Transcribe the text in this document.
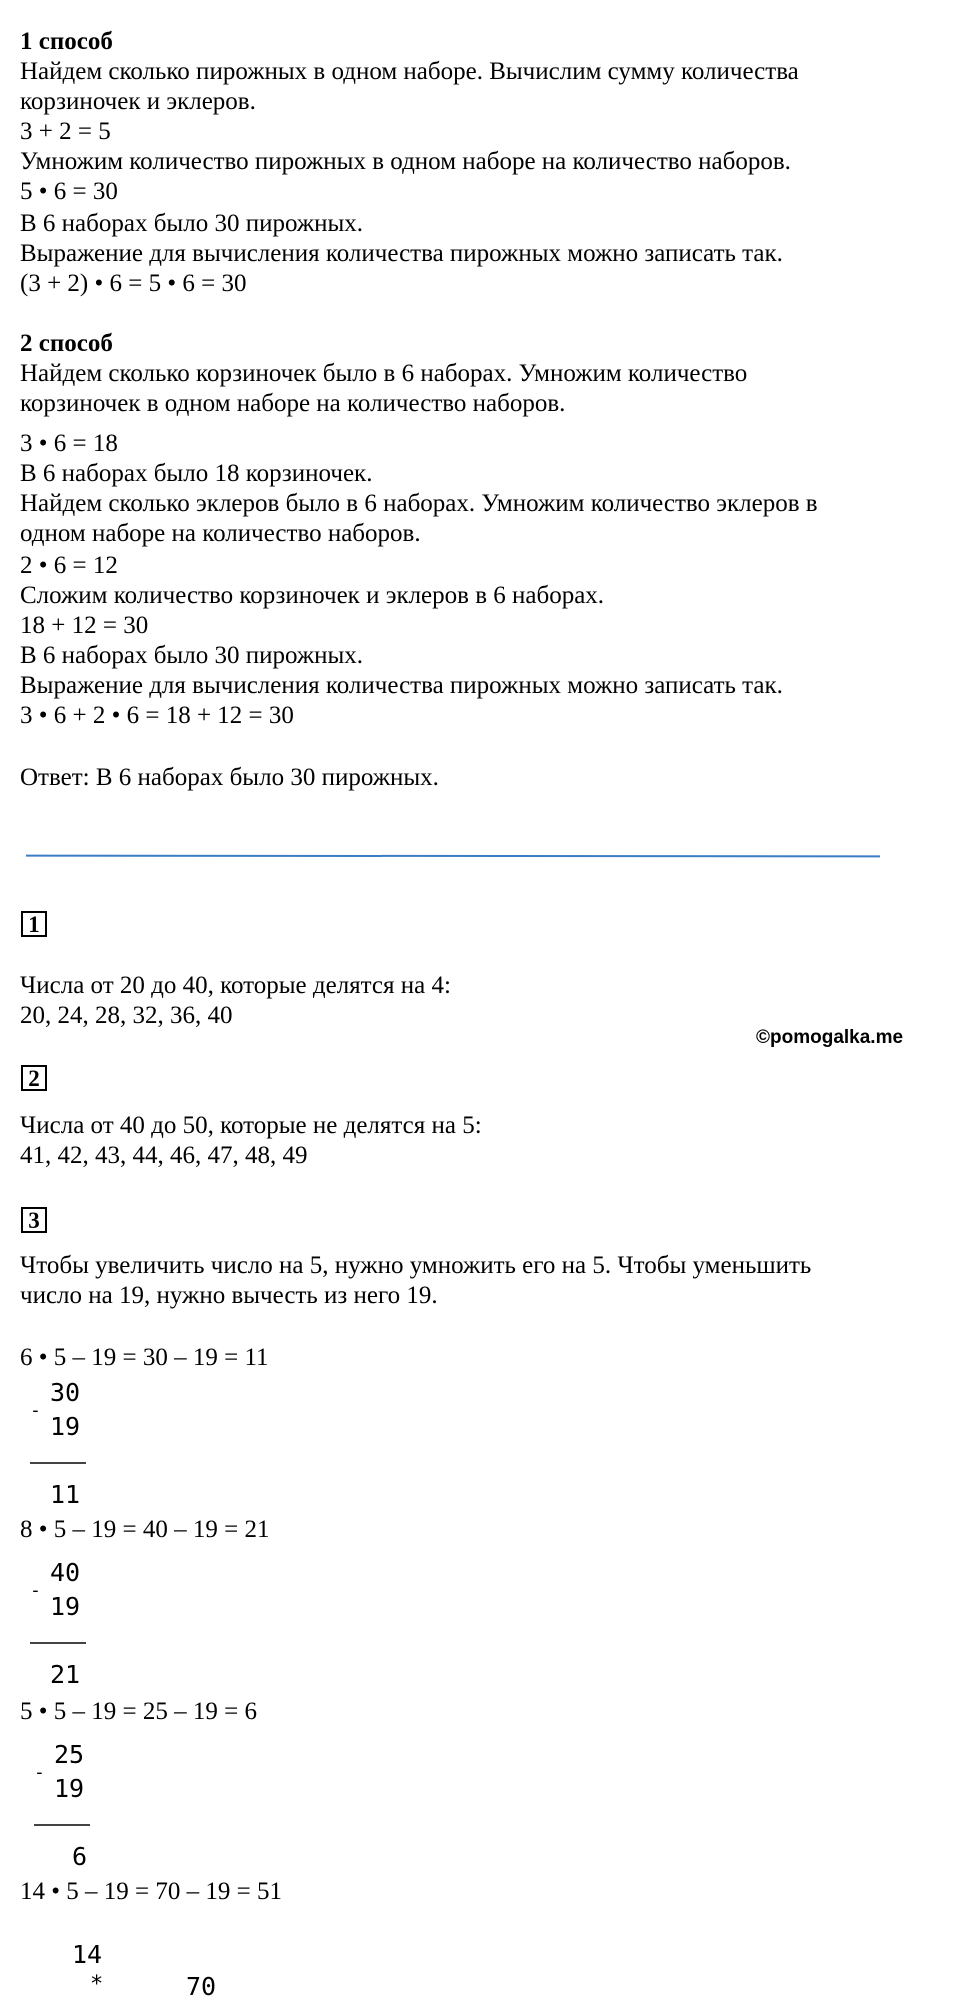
1 способ
Найдем сколько пирожных в одном наборе. Вычислим сумму количества
корзиночек и эклеров.
3 + 2 = 5
Умножим количество пирожных в одном наборе на количество наборов.
5 • 6 = 30
В 6 наборах было 30 пирожных.
Выражение для вычисления количества пирожных можно записать так.
(3 + 2) • 6 = 5 • 6 = 30
2 способ
Найдем сколько корзиночек было в 6 наборах. Умножим количество
корзиночек в одном наборе на количество наборов.
3 • 6 = 18
В 6 наборах было 18 корзиночек.
Найдем сколько эклеров было в 6 наборах. Умножим количество эклеров в
одном наборе на количество наборов.
2 • 6 = 12
Сложим количество корзиночек и эклеров в 6 наборах.
18 + 12 = 30
В 6 наборах было 30 пирожных.
Выражение для вычисления количества пирожных можно записать так.
3 • 6 + 2 • 6 = 18 + 12 = 30
Ответ: В 6 наборах было 30 пирожных.
1
Числа от 20 до 40, которые делятся на 4:
20, 24, 28, 32, 36, 40
©pomogalka.me
2
Числа от 40 до 50, которые не делятся на 5:
41, 42, 43, 44, 46, 47, 48, 49
3
Чтобы увеличить число на 5, нужно умножить его на 5. Чтобы уменьшить
число на 19, нужно вычесть из него 19.
6 • 5 – 19 = 30 – 19 = 11
-
30
19
11
8 • 5 – 19 = 40 – 19 = 21
-
40
19
21
5 • 5 – 19 = 25 – 19 = 6
-
25
19
6
14 • 5 – 19 = 70 – 19 = 51
14
*	70
